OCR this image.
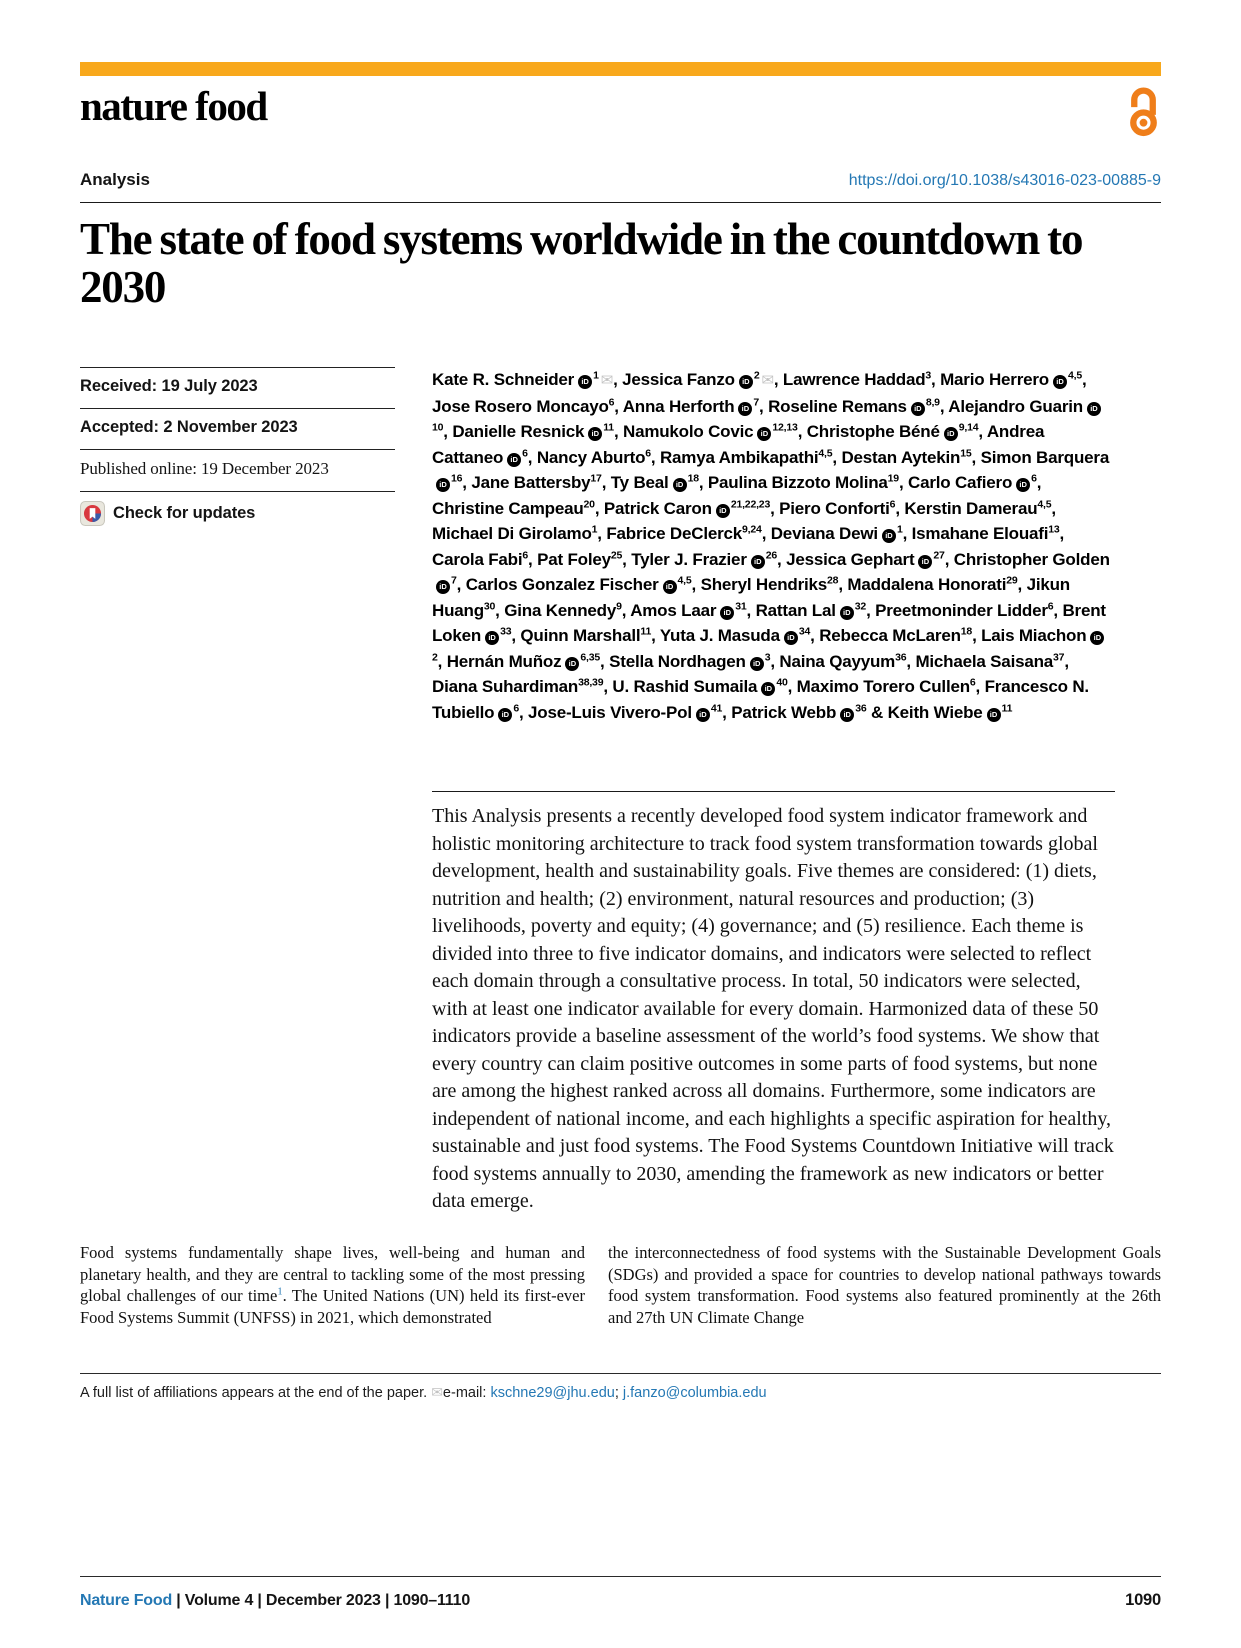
nature food
Analysis	https://doi.org/10.1038/s43016-023-00885-9
The state of food systems worldwide in the countdown to 2030
Received: 19 July 2023
Accepted: 2 November 2023
Published online: 19 December 2023
Check for updates

Kate R. Schneider $iD^1$ ✉, Jessica Fanzo $iD^2$ ✉, Lawrence Haddad$^3$, Mario Herrero iD$^{4,5}$, Jose Rosero Moncayo$^6$, Anna Herforth $iD^7$, Roseline Remans iD$^{8,9}$, Alejandro Guarin $iD^{10}$, Danielle Resnick $iD^{11}$, Namukolo Covic iD$^{12,13}$, Christophe Béné iD$^{9,14}$, Andrea Cattaneo $iD^6$, Nancy Aburto$^6$, Ramya Ambikapathi$^{4,5}$, Destan Aytekin$^{15}$, Simon BarqueraiD$^{16}$, Jane Battersby$^{17}$, Ty Beal $iD^{18}$, Paulina Bizzoto Molina$^{19}$, Carlo Cafiero $iD^6$, Christine Campeau$^{20}$, Patrick Caron iD$^{21,22,23}$, Piero Conforti$^6$, Kerstin Damerau$^{4,5}$, Michael Di Girolamo$^1$, Fabrice DeClerck$^{9,24}$, Deviana Dewi $iD^1$, Ismahane Elouafi$^{13}$, Carola Fabi$^6$, Pat Foley$^{25}$, Tyler J. Frazier $iD^{26}$, Jessica Gephart $iD^{27}$, Christopher GoldeniD$^7$, Carlos Gonzalez Fischer iD$^{4,5}$, Sheryl Hendriks$^{28}$, Maddalena Honorati$^{29}$, Jikun Huang$^{30}$, Gina Kennedy$^9$, Amos Laar $iD^{31}$, Rattan Lal $iD^{32}$, Preetmoninder Lidder$^6$, Brent Loken $iD^{33}$, Quinn Marshall$^{11}$, Yuta J. Masuda $iD^{34}$, Rebecca McLaren$^{18}$, Lais Miachon $iD^2$, Hernán Muñoz iD$^{6,35}$, Stella Nordhagen $iD^3$, Naina Qayyum$^{36}$, Michaela Saisana$^{37}$, Diana Suhardiman$^{38,39}$, U. Rashid Sumaila $iD^{40}$, Maximo Torero Cullen$^6$, Francesco N. Tubiello $iD^6$, Jose-Luis Vivero-Pol $iD^{41}$, Patrick Webb $iD^{36}$ & Keith Wiebe $iD^{11}$

This Analysis presents a recently developed food system indicator framework and holistic monitoring architecture to track food system transformation towards global development, health and sustainability goals. Five themes are considered: (1) diets, nutrition and health; (2) environment, natural resources and production; (3) livelihoods, poverty and equity; (4) governance; and (5) resilience. Each theme is divided into three to five indicator domains, and indicators were selected to reflect each domain through a consultative process. In total, 50 indicators were selected, with at least one indicator available for every domain. Harmonized data of these 50 indicators provide a baseline assessment of the world’s food systems. We show that every country can claim positive outcomes in some parts of food systems, but none are among the highest ranked across all domains. Furthermore, some indicators are independent of national income, and each highlights a specific aspiration for healthy, sustainable and just food systems. The Food Systems Countdown Initiative will track food systems annually to 2030, amending the framework as new indicators or better data emerge.

Food systems fundamentally shape lives, well-being and human and planetary health, and they are central to tackling some of the most pressing global challenges of our time$^1$. The United Nations (UN) held its first-ever Food Systems Summit (UNFSS) in 2021, which demonstrated

the interconnectedness of food systems with the Sustainable Development Goals (SDGs) and provided a space for countries to develop national pathways towards food system transformation. Food systems also featured prominently at the 26th and 27th UN Climate Change

A full list of affiliations appears at the end of the paper. ✉e-mail: kschne29@jhu.edu; j.fanzo@columbia.edu

Nature Food | Volume 4 | December 2023 | 1090–1110	1090
